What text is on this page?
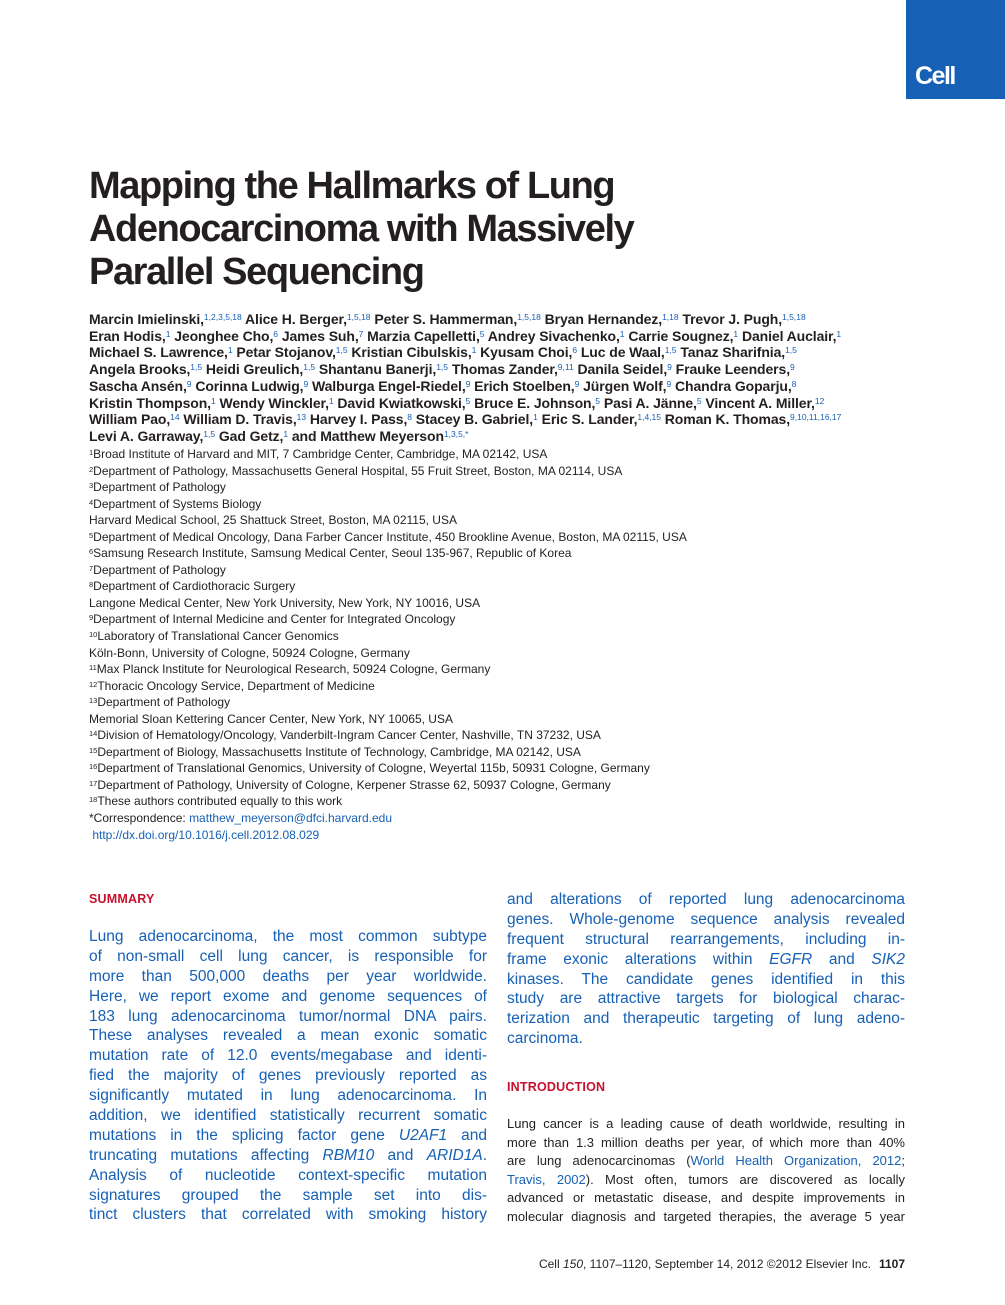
Cell
Mapping the Hallmarks of Lung
Adenocarcinoma with Massively
Parallel Sequencing
Marcin Imielinski,$^{1,2,3,5,18}$ Alice H. Berger,$^{1,5,18}$ Peter S. Hammerman,$^{1,5,18}$ Bryan Hernandez,$^{1,18}$ Trevor J. Pugh,$^{1,5,18}$
Eran Hodis,$^1$ Jeonghee Cho,$^6$ James Suh,$^7$ Marzia Capelletti,$^5$ Andrey Sivachenko,$^1$ Carrie Sougnez,$^1$ Daniel Auclair,$^1$
Michael S. Lawrence,$^1$ Petar Stojanov,$^{1,5}$ Kristian Cibulskis,$^1$ Kyusam Choi,$^6$ Luc de Waal,$^{1,5}$ Tanaz Sharifnia,$^{1,5}$
Angela Brooks,$^{1,5}$ Heidi Greulich,$^{1,5}$ Shantanu Banerji,$^{1,5}$ Thomas Zander,$^{9,11}$ Danila Seidel,$^9$ Frauke Leenders,$^9$
Sascha Ansén,$^9$ Corinna Ludwig,$^9$ Walburga Engel-Riedel,$^9$ Erich Stoelben,$^9$ Jürgen Wolf,$^9$ Chandra Goparju,$^8$
Kristin Thompson,$^1$ Wendy Winckler,$^1$ David Kwiatkowski,$^5$ Bruce E. Johnson,$^5$ Pasi A. Jänne,$^5$ Vincent A. Miller,$^{12}$
William Pao,$^{14}$ William D. Travis,$^{13}$ Harvey I. Pass,$^8$ Stacey B. Gabriel,$^1$ Eric S. Lander,$^{1,4,15}$ Roman K. Thomas,$^{9,10,11,16,17}$
Levi A. Garraway,$^{1,5}$ Gad Getz,$^1$ and Matthew Meyerson$^{1,3,5,*}$
$^1$Broad Institute of Harvard and MIT, 7 Cambridge Center, Cambridge, MA 02142, USA
$^2$Department of Pathology, Massachusetts General Hospital, 55 Fruit Street, Boston, MA 02114, USA
$^3$Department of Pathology
$^4$Department of Systems Biology
Harvard Medical School, 25 Shattuck Street, Boston, MA 02115, USA
$^5$Department of Medical Oncology, Dana Farber Cancer Institute, 450 Brookline Avenue, Boston, MA 02115, USA
$^6$Samsung Research Institute, Samsung Medical Center, Seoul 135-967, Republic of Korea
$^7$Department of Pathology
$^8$Department of Cardiothoracic Surgery
Langone Medical Center, New York University, New York, NY 10016, USA
$^9$Department of Internal Medicine and Center for Integrated Oncology
$^{10}$Laboratory of Translational Cancer Genomics
Köln-Bonn, University of Cologne, 50924 Cologne, Germany
$^{11}$Max Planck Institute for Neurological Research, 50924 Cologne, Germany
$^{12}$Thoracic Oncology Service, Department of Medicine
$^{13}$Department of Pathology
Memorial Sloan Kettering Cancer Center, New York, NY 10065, USA
$^{14}$Division of Hematology/Oncology, Vanderbilt-Ingram Cancer Center, Nashville, TN 37232, USA
$^{15}$Department of Biology, Massachusetts Institute of Technology, Cambridge, MA 02142, USA
$^{16}$Department of Translational Genomics, University of Cologne, Weyertal 115b, 50931 Cologne, Germany
$^{17}$Department of Pathology, University of Cologne, Kerpener Strasse 62, 50937 Cologne, Germany
$^{18}$These authors contributed equally to this work
*Correspondence: matthew_meyerson@dfci.harvard.edu
http://dx.doi.org/10.1016/j.cell.2012.08.029
SUMMARY
Lung adenocarcinoma, the most common subtype
of non-small cell lung cancer, is responsible for
more than 500,000 deaths per year worldwide.
Here, we report exome and genome sequences of
183 lung adenocarcinoma tumor/normal DNA pairs.
These analyses revealed a mean exonic somatic
mutation rate of 12.0 events/megabase and identi-
fied the majority of genes previously reported as
significantly mutated in lung adenocarcinoma. In
addition, we identified statistically recurrent somatic
mutations in the splicing factor gene U2AF1 and
truncating mutations affecting RBM10 and ARID1A.
Analysis of nucleotide context-specific mutation
signatures grouped the sample set into dis-
tinct clusters that correlated with smoking history
and alterations of reported lung adenocarcinoma
genes. Whole-genome sequence analysis revealed
frequent structural rearrangements, including in-
frame exonic alterations within EGFR and SIK2
kinases. The candidate genes identified in this
study are attractive targets for biological charac-
terization and therapeutic targeting of lung adeno-
carcinoma.
INTRODUCTION
Lung cancer is a leading cause of death worldwide, resulting in
more than 1.3 million deaths per year, of which more than 40%
are lung adenocarcinomas (World Health Organization, 2012;
Travis, 2002). Most often, tumors are discovered as locally
advanced or metastatic disease, and despite improvements in
molecular diagnosis and targeted therapies, the average 5 year
Cell 150, 1107–1120, September 14, 2012 ©2012 Elsevier Inc. 1107
